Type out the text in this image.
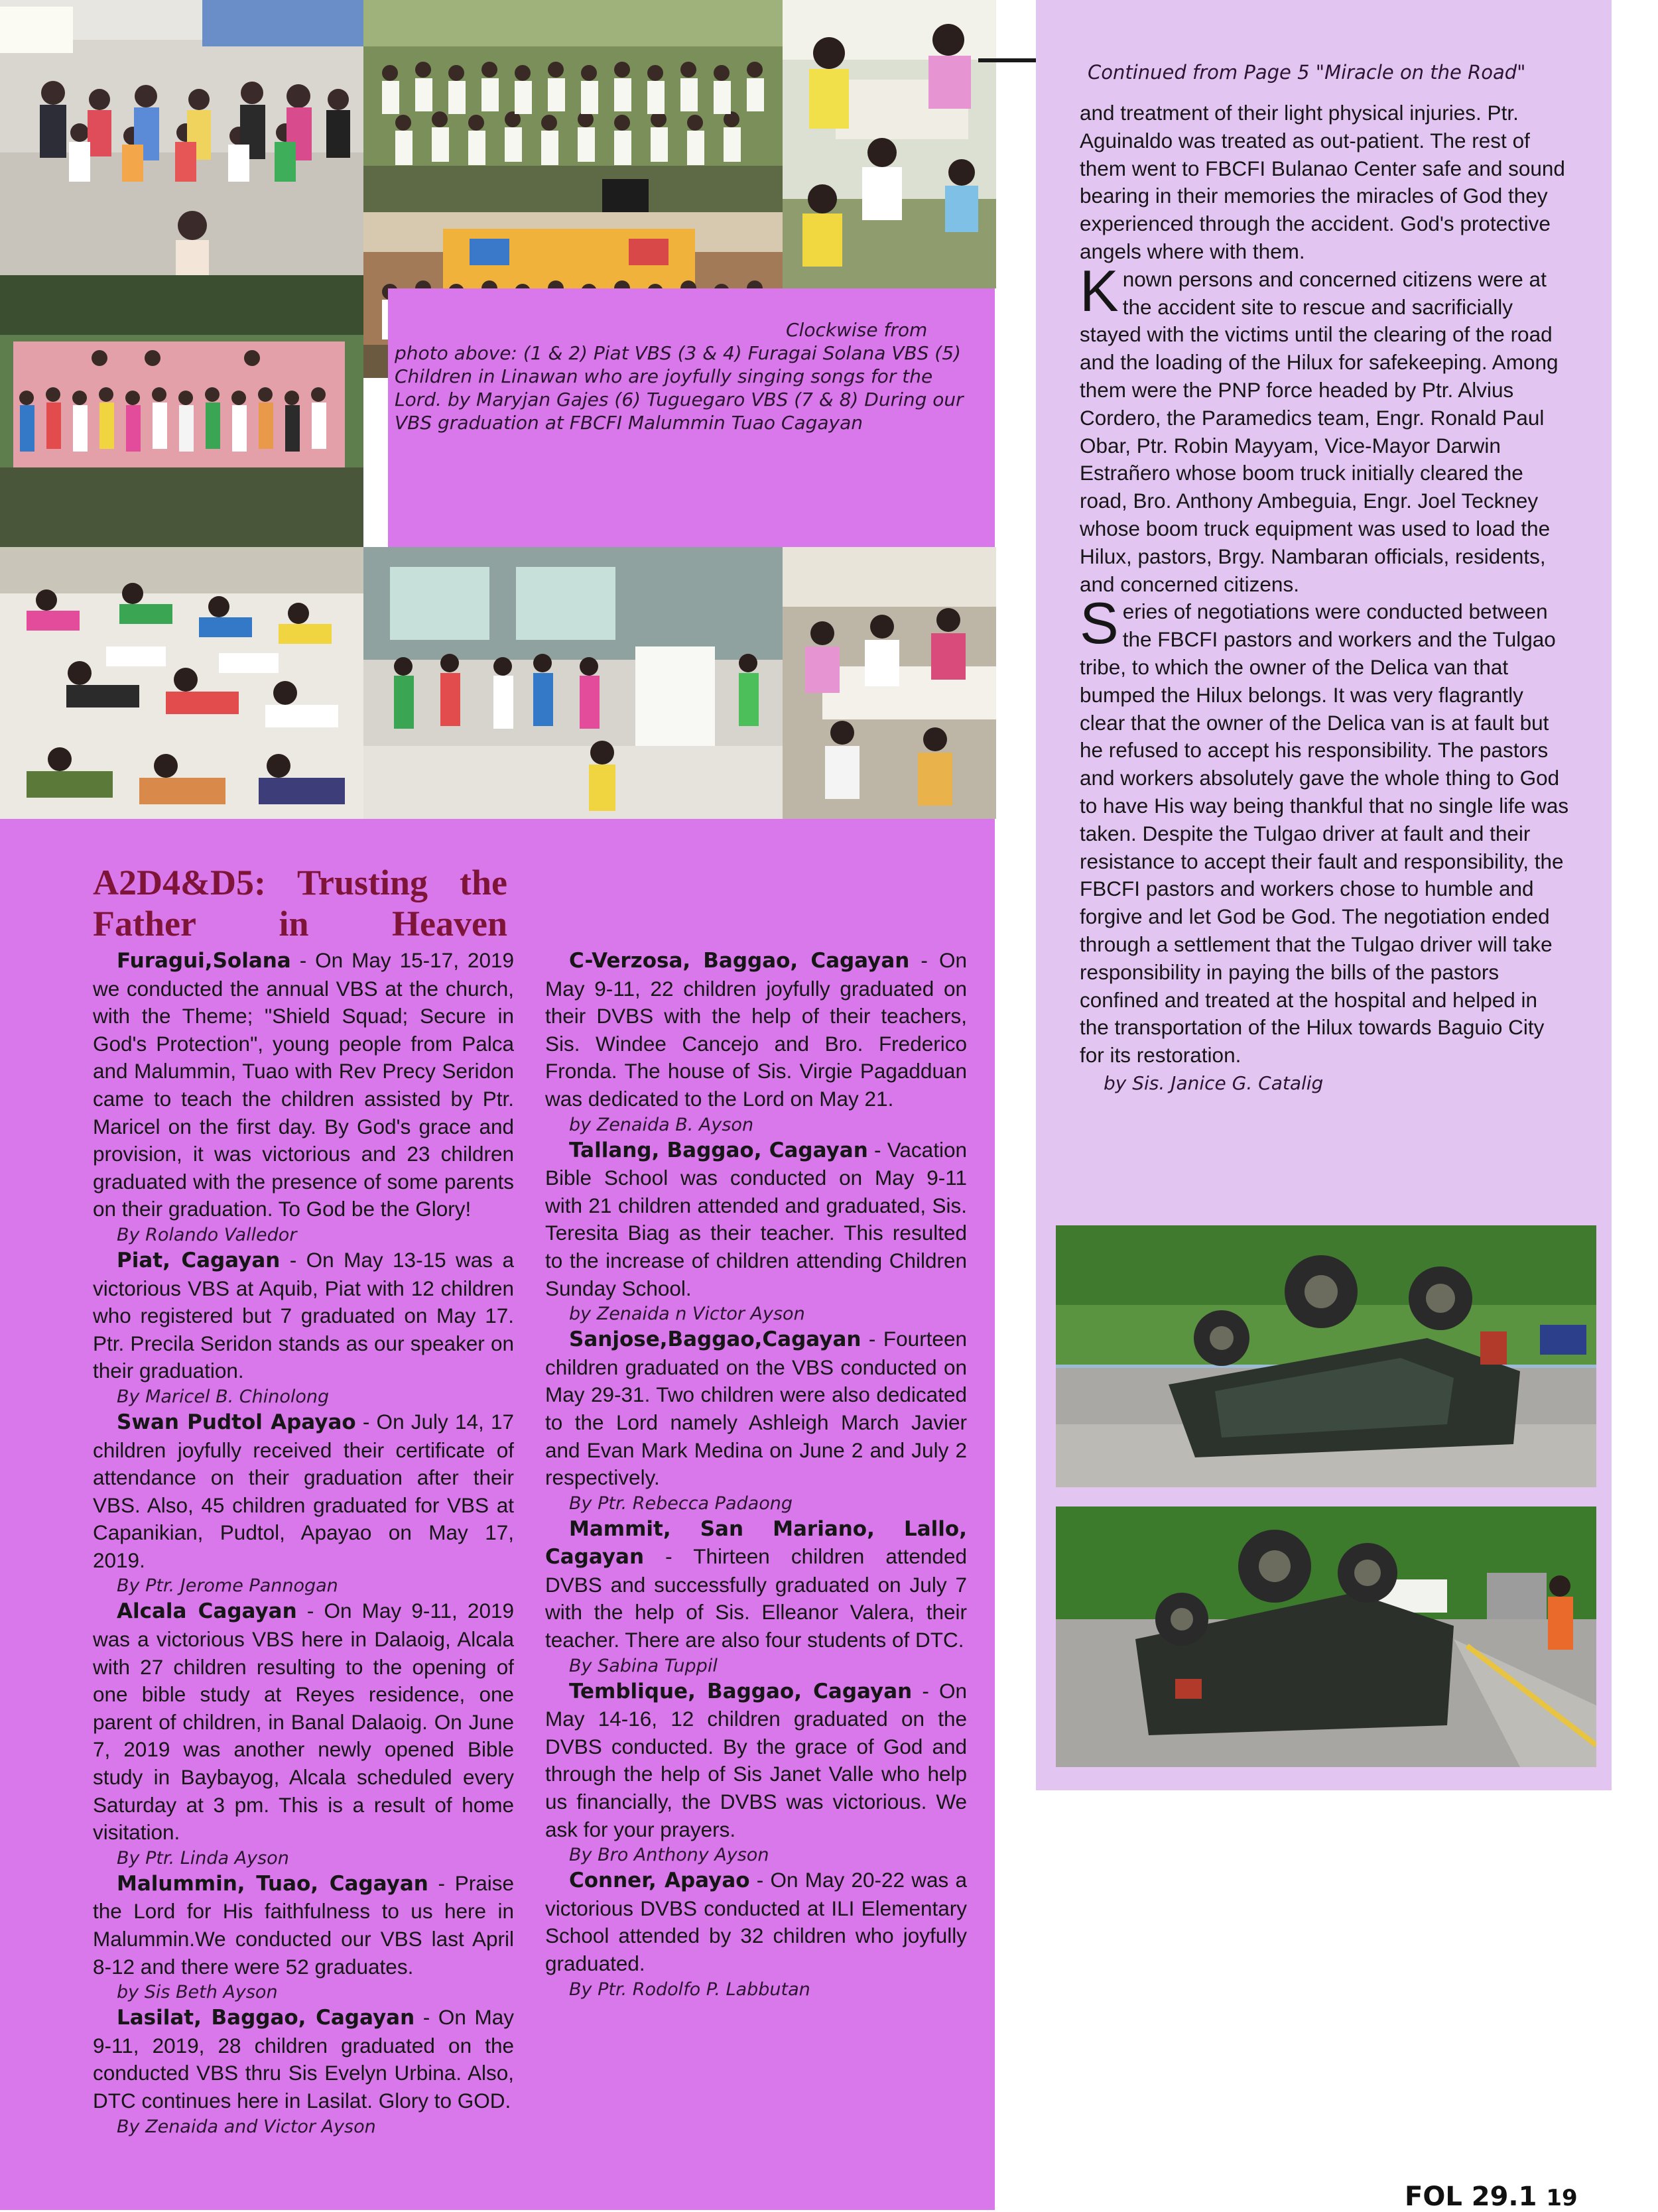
Clockwise from photo above: (1 & 2) Piat VBS (3 & 4) Furagai Solana VBS (5) Children in Linawan who are joyfully singing songs for the Lord. by Maryjan Gajes (6) Tuguegaro VBS (7 & 8) During our VBS graduation at FBCFI Malummin Tuao Cagayan
A2D4&D5: Trusting the
Father in Heaven

Furagui,Solana - On May 15-17, 2019 we conducted the annual VBS at the church, with the Theme; "Shield Squad; Secure in God's Protection", young people from Palca and Malummin, Tuao with Rev Precy Seridon came to teach the children assisted by Ptr. Maricel on the first day. By God's grace and provision, it was victorious and 23 children graduated with the presence of some parents on their graduation. To God be the Glory!

By Rolando Valledor

Piat, Cagayan - On May 13-15 was a victorious VBS at Aquib, Piat with 12 children who registered but 7 graduated on May 17. Ptr. Precila Seridon stands as our speaker on their graduation.

By Maricel B. Chinolong

Swan Pudtol Apayao - On July 14, 17 children joyfully received their certificate of attendance on their graduation after their VBS. Also, 45 children graduated for VBS at Capanikian, Pudtol, Apayao on May 17, 2019.

By Ptr. Jerome Pannogan

Alcala Cagayan - On May 9-11, 2019 was a victorious VBS here in Dalaoig, Alcala with 27 children resulting to the opening of one bible study at Reyes residence, one parent of children, in Banal Dalaoig. On June 7, 2019 was another newly opened Bible study in Baybayog, Alcala scheduled every Saturday at 3 pm. This is a result of home visitation.

By Ptr. Linda Ayson

Malummin, Tuao, Cagayan - Praise the Lord for His faithfulness to us here in Malummin.We conducted our VBS last April 8-12 and there were 52 graduates.

by Sis Beth Ayson

Lasilat, Baggao, Cagayan - On May 9-11, 2019, 28 children graduated on the conducted VBS thru Sis Evelyn Urbina. Also, DTC continues here in Lasilat. Glory to GOD.

By Zenaida and Victor Ayson

C-Verzosa, Baggao, Cagayan - On May 9-11, 22 children joyfully graduated on their DVBS with the help of their teachers, Sis. Windee Cancejo and Bro. Frederico Fronda. The house of Sis. Virgie Pagadduan was dedicated to the Lord on May 21.

by Zenaida B. Ayson

Tallang, Baggao, Cagayan - Vacation Bible School was conducted on May 9-11 with 21 children attended and graduated, Sis. Teresita Biag as their teacher. This resulted to the increase of children attending Children Sunday School.

by Zenaida n Victor Ayson

Sanjose,Baggao,Cagayan - Fourteen children graduated on the VBS conducted on May 29-31. Two children were also dedicated to the Lord namely Ashleigh March Javier and Evan Mark Medina on June 2 and July 2 respectively.

By Ptr. Rebecca Padaong

Mammit, San Mariano, Lallo, Cagayan - Thirteen children attended DVBS and successfully graduated on July 7 with the help of Sis. Elleanor Valera, their teacher. There are also four students of DTC.

By Sabina Tuppil

Temblique, Baggao, Cagayan - On May 14-16, 12 children graduated on the DVBS conducted. By the grace of God and through the help of Sis Janet Valle who help us financially, the DVBS was victorious. We ask for your prayers.

By Bro Anthony Ayson

Conner, Apayao - On May 20-22 was a victorious DVBS conducted at ILI Elementary School attended by 32 children who joyfully graduated.

By Ptr. Rodolfo P. Labbutan

Continued from Page 5 "Miracle on the Road"

and treatment of their light physical injuries. Ptr. Aguinaldo was treated as out-patient. The rest of them went to FBCFI Bulanao Center safe and sound bearing in their memories the miracles of God they experienced through the accident. God's protective angels where with them.

Known persons and concerned citizens were at the accident site to rescue and sacrificially stayed with the victims until the clearing of the road and the loading of the Hilux for safekeeping. Among them were the PNP force headed by Ptr. Alvius Cordero, the Paramedics team, Engr. Ronald Paul Obar, Ptr. Robin Mayyam, Vice-Mayor Darwin Estrañero whose boom truck initially cleared the road, Bro. Anthony Ambeguia, Engr. Joel Teckney whose boom truck equipment was used to load the Hilux, pastors, Brgy. Nambaran officials, residents, and concerned citizens.

Series of negotiations were conducted between the FBCFI pastors and workers and the Tulgao tribe, to which the owner of the Delica van that bumped the Hilux belongs. It was very flagrantly clear that the owner of the Delica van is at fault but he refused to accept his responsibility. The pastors and workers absolutely gave the whole thing to God to have His way being thankful that no single life was taken. Despite the Tulgao driver at fault and their resistance to accept their fault and responsibility, the FBCFI pastors and workers chose to humble and forgive and let God be God. The negotiation ended through a settlement that the Tulgao driver will take responsibility in paying the bills of the pastors confined and treated at the hospital and helped in the transportation of the Hilux towards Baguio City for its restoration.

by Sis. Janice G. Catalig

FOL 29.1 19
